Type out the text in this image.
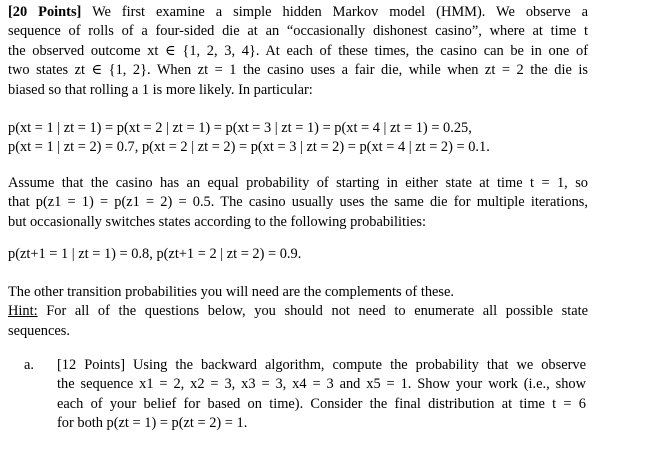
[20 Points] We first examine a simple hidden Markov model (HMM). We observe a
sequence of rolls of a four-sided die at an “occasionally dishonest casino”, where at time t
the observed outcome xt ∈ {1, 2, 3, 4}. At each of these times, the casino can be in one of
two states zt ∈ {1, 2}. When zt = 1 the casino uses a fair die, while when zt = 2 the die is
biased so that rolling a 1 is more likely. In particular:
p(xt = 1 | zt = 1) = p(xt = 2 | zt = 1) = p(xt = 3 | zt = 1) = p(xt = 4 | zt = 1) = 0.25,
p(xt = 1 | zt = 2) = 0.7, p(xt = 2 | zt = 2) = p(xt = 3 | zt = 2) = p(xt = 4 | zt = 2) = 0.1.
Assume that the casino has an equal probability of starting in either state at time t = 1, so
that p(z1 = 1) = p(z1 = 2) = 0.5. The casino usually uses the same die for multiple iterations,
but occasionally switches states according to the following probabilities:
p(zt+1 = 1 | zt = 1) = 0.8, p(zt+1 = 2 | zt = 2) = 0.9.
The other transition probabilities you will need are the complements of these.
Hint: For all of the questions below, you should not need to enumerate all possible state
sequences.
a. [12 Points] Using the backward algorithm, compute the probability that we observe
the sequence x1 = 2, x2 = 3, x3 = 3, x4 = 3 and x5 = 1. Show your work (i.e., show
each of your belief for based on time). Consider the final distribution at time t = 6
for both p(zt = 1) = p(zt = 2) = 1.
